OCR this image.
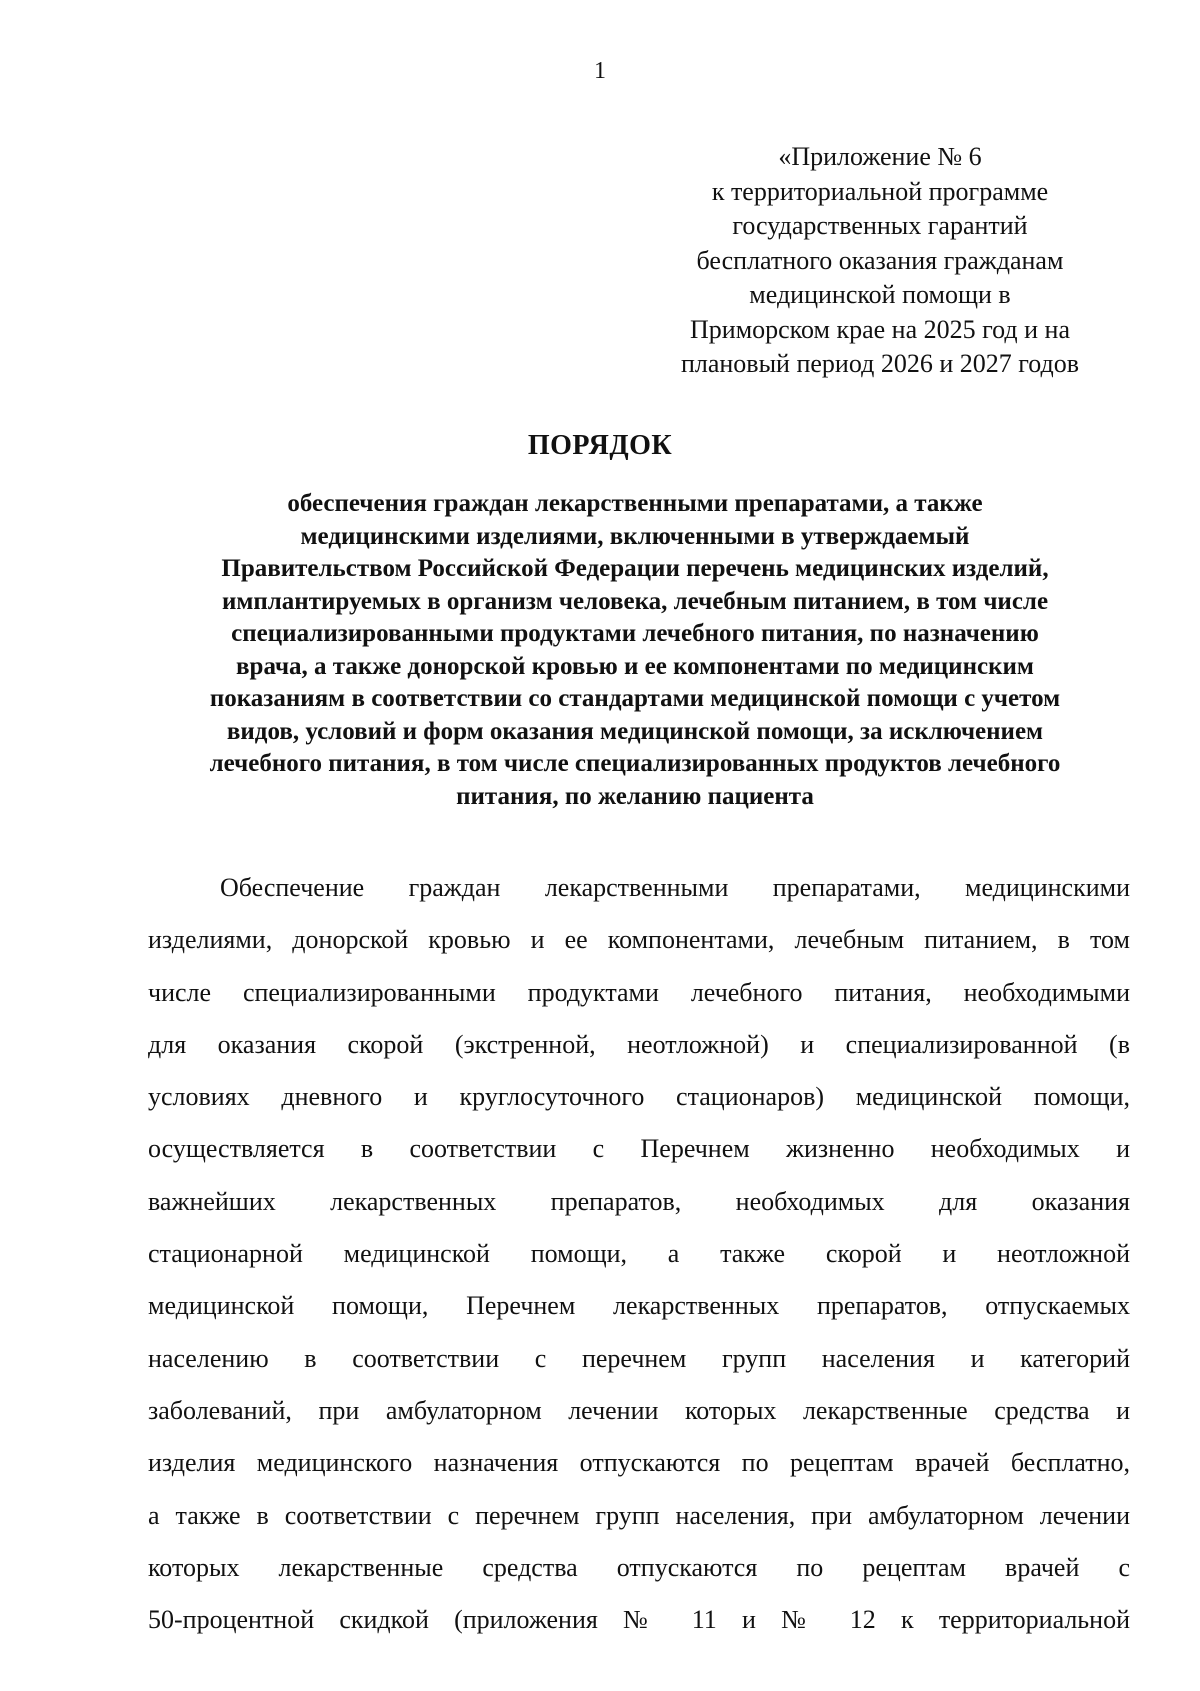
1
«Приложение № 6
к территориальной программе
государственных гарантий
бесплатного оказания гражданам
медицинской помощи в
Приморском крае на 2025 год и на
плановый период 2026 и 2027 годов
ПОРЯДОК
обеспечения граждан лекарственными препаратами, а также
медицинскими изделиями, включенными в утверждаемый
Правительством Российской Федерации перечень медицинских изделий,
имплантируемых в организм человека, лечебным питанием, в том числе
специализированными продуктами лечебного питания, по назначению
врача, а также донорской кровью и ее компонентами по медицинским
показаниям в соответствии со стандартами медицинской помощи с учетом
видов, условий и форм оказания медицинской помощи, за исключением
лечебного питания, в том числе специализированных продуктов лечебного
питания, по желанию пациента
Обеспечение граждан лекарственными препаратами, медицинскими
изделиями, донорской кровью и ее компонентами, лечебным питанием, в том
числе специализированными продуктами лечебного питания, необходимыми
для оказания скорой (экстренной, неотложной) и специализированной (в
условиях дневного и круглосуточного стационаров) медицинской помощи,
осуществляется в соответствии с Перечнем жизненно необходимых и
важнейших лекарственных препаратов, необходимых для оказания
стационарной медицинской помощи, а также скорой и неотложной
медицинской помощи, Перечнем лекарственных препаратов, отпускаемых
населению в соответствии с перечнем групп населения и категорий
заболеваний, при амбулаторном лечении которых лекарственные средства и
изделия медицинского назначения отпускаются по рецептам врачей бесплатно,
а также в соответствии с перечнем групп населения, при амбулаторном лечении
которых лекарственные средства отпускаются по рецептам врачей с
50-процентной скидкой (приложения № 11 и № 12 к территориальной
